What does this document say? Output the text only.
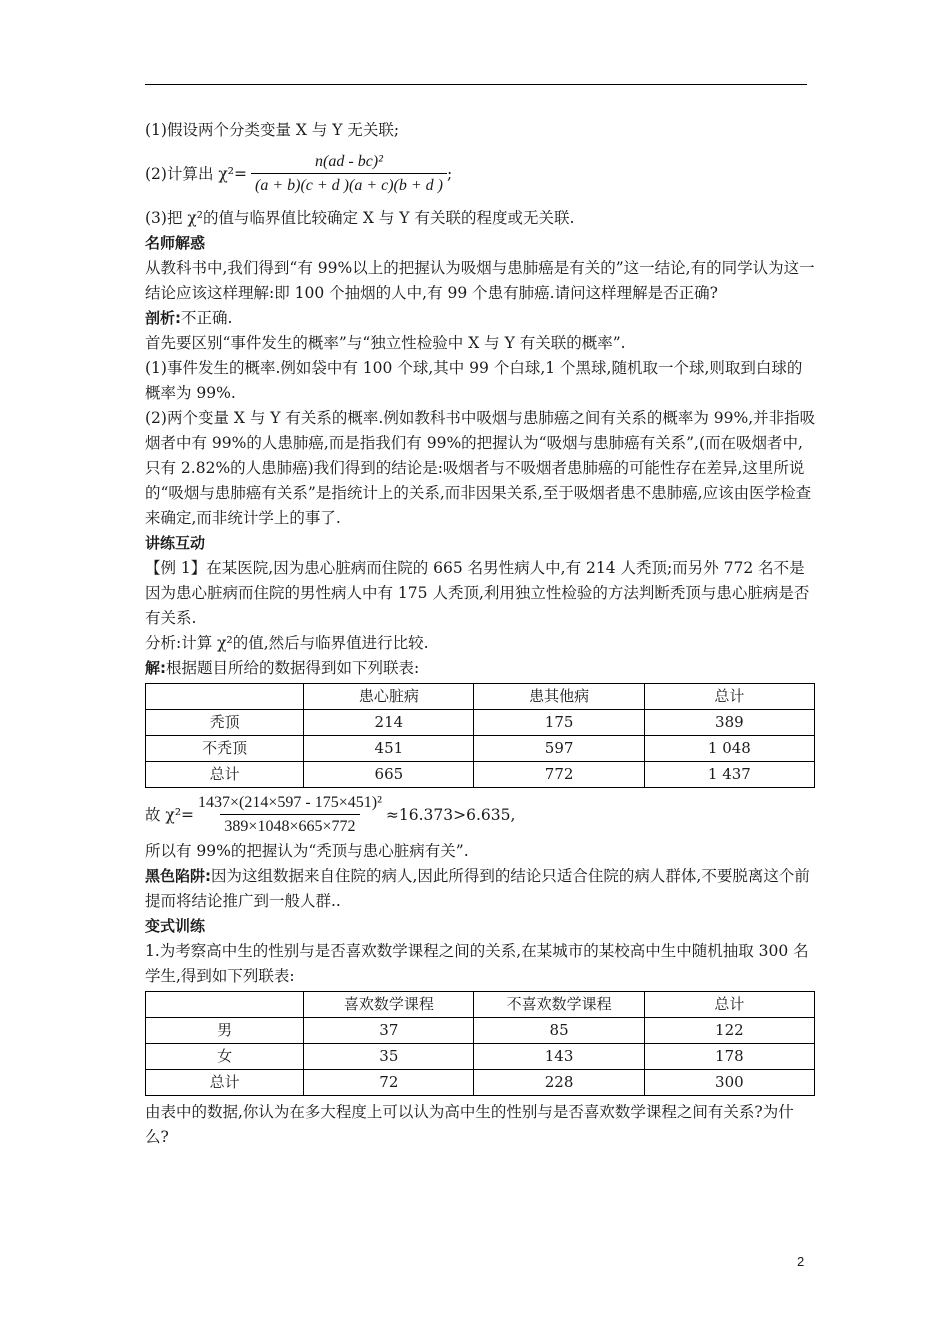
(1)假设两个分类变量 X 与 Y 无关联;

(2)计算出 $\chi^2= \frac{\text{n(ad - bc)²}}{(a + b)(c + d )(a + c)(b + d )}$ ;

(3)把 χ²的值与临界值比较确定 X 与 Y 有关联的程度或无关联.

名师解惑

从教科书中,我们得到“有 99%以上的把握认为吸烟与患肺癌是有关的”这一结论,有的同学认为这一结论应该这样理解:即 100 个抽烟的人中,有 99 个患有肺癌.请问这样理解是否正确?

剖析:不正确.

首先要区别“事件发生的概率”与“独立性检验中 X 与 Y 有关联的概率”.

(1)事件发生的概率.例如袋中有 100 个球,其中 99 个白球,1 个黑球,随机取一个球,则取到白球的概率为 99%.

(2)两个变量 X 与 Y 有关系的概率.例如教科书中吸烟与患肺癌之间有关系的概率为 99%,并非指吸烟者中有 99%的人患肺癌,而是指我们有 99%的把握认为“吸烟与患肺癌有关系”,(而在吸烟者中,只有 2.82%的人患肺癌)我们得到的结论是:吸烟者与不吸烟者患肺癌的可能性存在差异,这里所说的“吸烟与患肺癌有关系”是指统计上的关系,而非因果关系,至于吸烟者患不患肺癌,应该由医学检查来确定,而非统计学上的事了.

讲练互动

【例 1】在某医院,因为患心脏病而住院的 665 名男性病人中,有 214 人秃顶;而另外 772 名不是因为患心脏病而住院的男性病人中有 175 人秃顶,利用独立性检验的方法判断秃顶与患心脏病是否有关系.

分析:计算 χ²的值,然后与临界值进行比较.

解:根据题目所给的数据得到如下列联表:

	患心脏病	患其他病	总计
秃顶	214	175	389
不秃顶	451	597	1 048
总计	665	772	1 437
故 $\chi^2= \frac{\text{1437×(214×597 - 175×451)²}}{389\times 1048\times 665\times 772} \approx 16.373>6.635$,

所以有 99%的把握认为“秃顶与患心脏病有关”.

黑色陷阱:因为这组数据来自住院的病人,因此所得到的结论只适合住院的病人群体,不要脱离这个前提而将结论推广到一般人群..

变式训练

1.为考察高中生的性别与是否喜欢数学课程之间的关系,在某城市的某校高中生中随机抽取 300 名学生,得到如下列联表:

	喜欢数学课程	不喜欢数学课程	总计
男	37	85	122
女	35	143	178
总计	72	228	300

由表中的数据,你认为在多大程度上可以认为高中生的性别与是否喜欢数学课程之间有关系?为什么?

2
